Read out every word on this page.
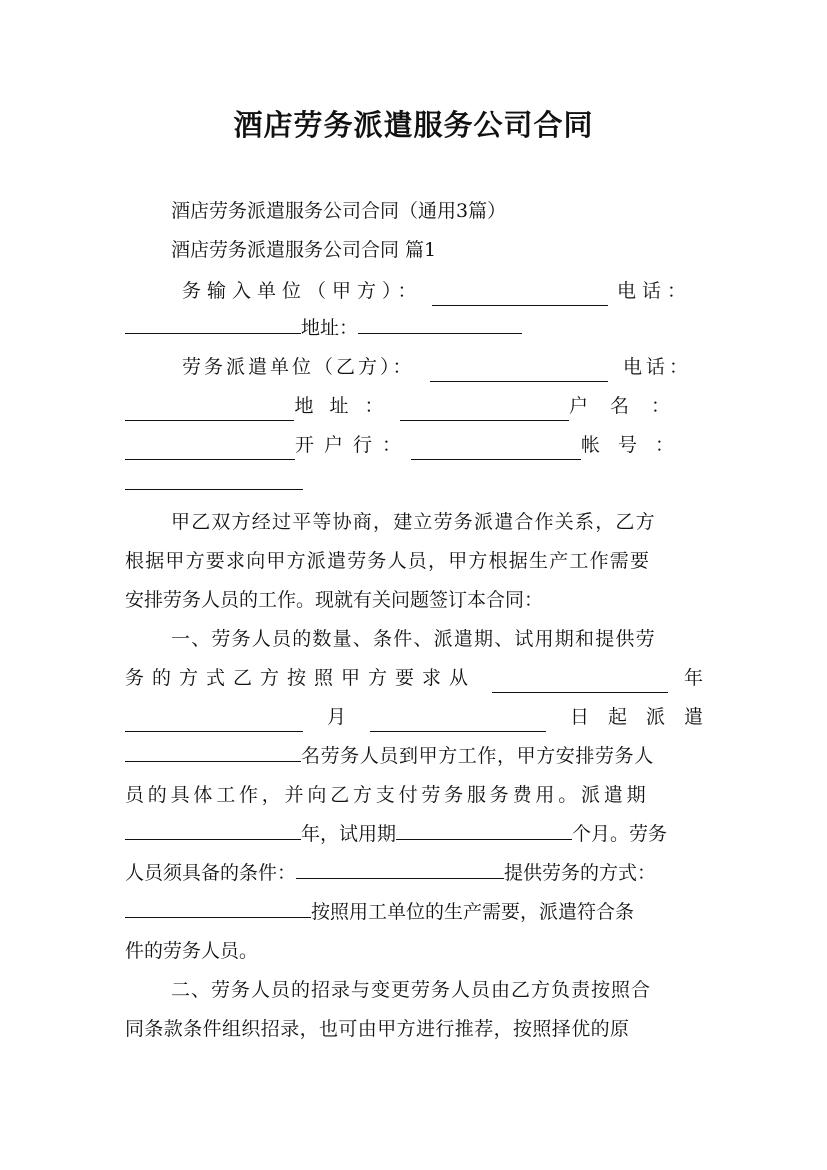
酒店劳务派遣服务公司合同

酒店劳务派遣服务公司合同（通用3篇）

酒店劳务派遣服务公司合同 篇1

务输入单位（甲方）：	电话：
地址：
劳务派遣单位（乙方）：	电话：
地址：	户名：
开户行：	帐号：

甲乙双方经过平等协商，建立劳务派遣合作关系，乙方

根据甲方要求向甲方派遣劳务人员，甲方根据生产工作需要

安排劳务人员的工作。现就有关问题签订本合同：

一、劳务人员的数量、条件、派遣期、试用期和提供劳

务的方式乙方按照甲方要求从	年
月	日起派遣
名劳务人员到甲方工作，甲方安排劳务人

员的具体工作，并向乙方支付劳务服务费用。派遣期

年，试用期	个月。劳务
人员须具备的条件：	提供劳务的方式：
按照用工单位的生产需要，派遣符合条

件的劳务人员。

二、劳务人员的招录与变更劳务人员由乙方负责按照合

同条款条件组织招录，也可由甲方进行推荐，按照择优的原
